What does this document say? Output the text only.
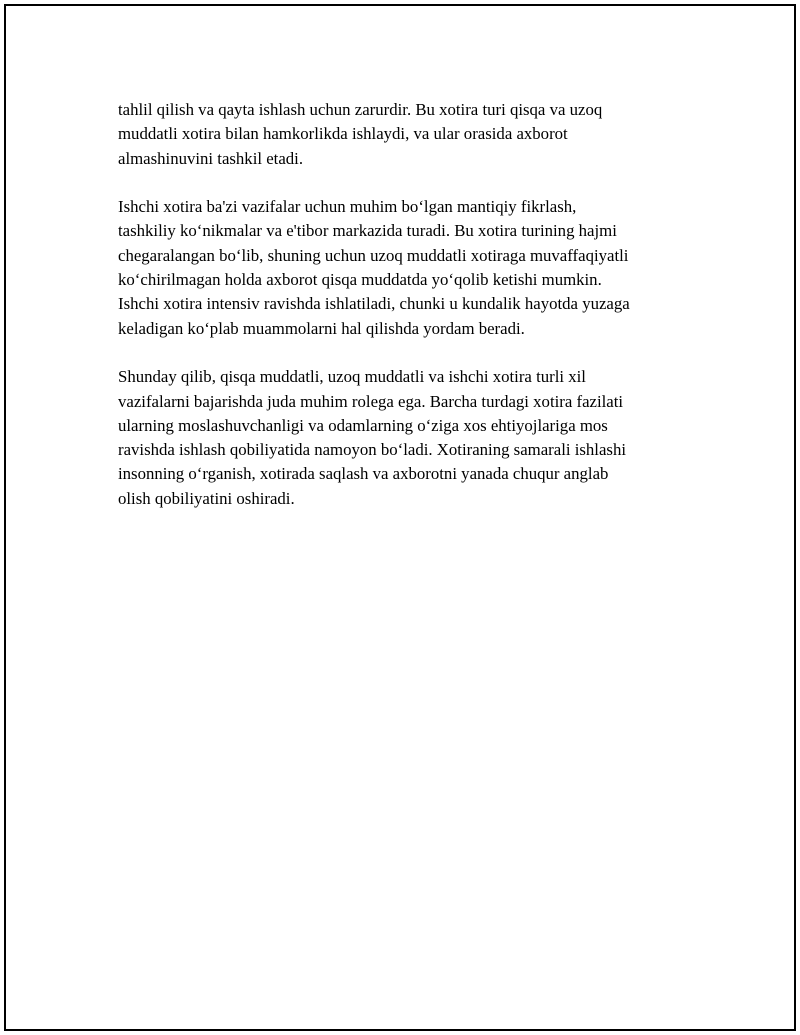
tahlil qilish va qayta ishlash uchun zarurdir. Bu xotira turi qisqa va uzoq
muddatli xotira bilan hamkorlikda ishlaydi, va ular orasida axborot
almashinuvini tashkil etadi.

Ishchi xotira ba'zi vazifalar uchun muhim bo‘lgan mantiqiy fikrlash,
tashkiliy ko‘nikmalar va e'tibor markazida turadi. Bu xotira turining hajmi
chegaralangan bo‘lib, shuning uchun uzoq muddatli xotiraga muvaffaqiyatli
ko‘chirilmagan holda axborot qisqa muddatda yo‘qolib ketishi mumkin.
Ishchi xotira intensiv ravishda ishlatiladi, chunki u kundalik hayotda yuzaga
keladigan ko‘plab muammolarni hal qilishda yordam beradi.

Shunday qilib, qisqa muddatli, uzoq muddatli va ishchi xotira turli xil
vazifalarni bajarishda juda muhim rolega ega. Barcha turdagi xotira fazilati
ularning moslashuvchanligi va odamlarning o‘ziga xos ehtiyojlariga mos
ravishda ishlash qobiliyatida namoyon bo‘ladi. Xotiraning samarali ishlashi
insonning o‘rganish, xotirada saqlash va axborotni yanada chuqur anglab
olish qobiliyatini oshiradi.
